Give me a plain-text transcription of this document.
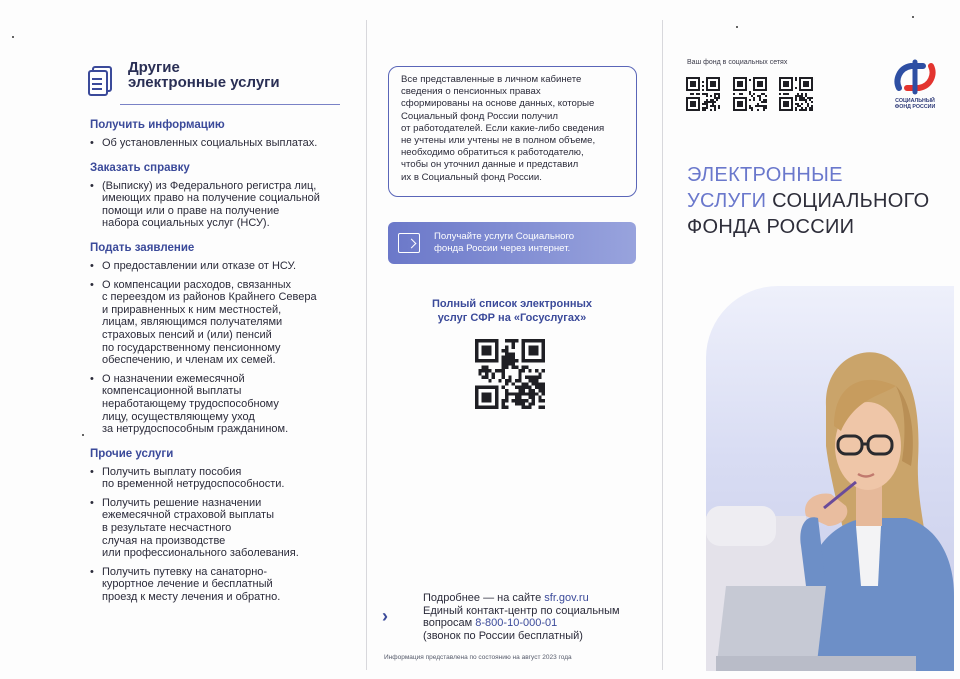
Другие
электронные услуги
Получить информацию
• Об установленных социальных выплатах.
Заказать справку
• (Выписку) из Федерального регистра лиц,
имеющих право на получение социальной
помощи или о праве на получение
набора социальных услуг (НСУ).
Подать заявление
• О предоставлении или отказе от НСУ.
• О компенсации расходов, связанных
с переездом из районов Крайнего Севера
и приравненных к ним местностей,
лицам, являющимся получателями
страховых пенсий и (или) пенсий
по государственному пенсионному
обеспечению, и членам их семей.
• О назначении ежемесячной
компенсационной выплаты
неработающему трудоспособному
лицу, осуществляющему уход
за нетрудоспособным гражданином.
Прочие услуги
• Получить выплату пособия
по временной нетрудоспособности.
• Получить решение назначении
ежемесячной страховой выплаты
в результате несчастного
случая на производстве
или профессионального заболевания.
• Получить путевку на санаторно-
курортное лечение и бесплатный
проезд к месту лечения и обратно.

Все представленные в личном кабинете
сведения о пенсионных правах
сформированы на основе данных, которые
Социальный фонд России получил
от работодателей. Если какие-либо сведения
не учтены или учтены не в полном объеме,
необходимо обратиться к работодателю,
чтобы он уточнил данные и представил
их в Социальный фонд России.

Получайте услуги Социального
фонда России через интернет.
Полный список электронных
услуг СФР на «Госуслугах»
›
Подробнее — на сайте sfr.gov.ru
Единый контакт-центр по социальным
вопросам 8-800-10-000-01
(звонок по России бесплатный)
Информация представлена по состоянию на август 2023 года
Ваш фонд в социальных сетях
СОЦИАЛЬНЫЙ
ФОНД РОССИИ
ЭЛЕКТРОННЫЕ
УСЛУГИ СОЦИАЛЬНОГО
ФОНДА РОССИИ
